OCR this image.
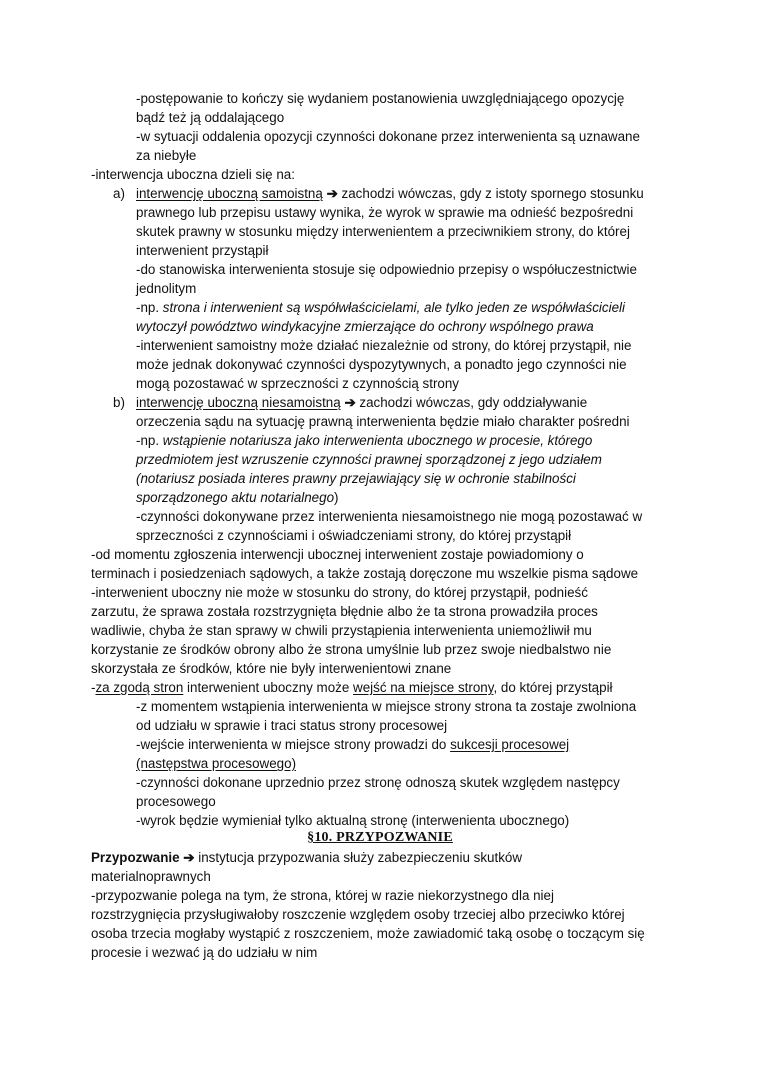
-postępowanie to kończy się wydaniem postanowienia uwzględniającego opozycję
bądź też ją oddalającego
-w sytuacji oddalenia opozycji czynności dokonane przez interwenienta są uznawane
za niebyłe
-interwencja uboczna dzieli się na:
a) interwencję uboczną samoistną ➔ zachodzi wówczas, gdy z istoty spornego stosunku
prawnego lub przepisu ustawy wynika, że wyrok w sprawie ma odnieść bezpośredni
skutek prawny w stosunku między interwenientem a przeciwnikiem strony, do której
interwenient przystąpił
-do stanowiska interwenienta stosuje się odpowiednio przepisy o współuczestnictwie
jednolitym
-np. strona i interwenient są współwłaścicielami, ale tylko jeden ze współwłaścicieli
wytoczył powództwo windykacyjne zmierzające do ochrony wspólnego prawa
-interwenient samoistny może działać niezależnie od strony, do której przystąpił, nie
może jednak dokonywać czynności dyspozytywnych, a ponadto jego czynności nie
mogą pozostawać w sprzeczności z czynnością strony
b) interwencję uboczną niesamoistną ➔ zachodzi wówczas, gdy oddziaływanie
orzeczenia sądu na sytuację prawną interwenienta będzie miało charakter pośredni
-np. wstąpienie notariusza jako interwenienta ubocznego w procesie, którego
przedmiotem jest wzruszenie czynności prawnej sporządzonej z jego udziałem
(notariusz posiada interes prawny przejawiający się w ochronie stabilności
sporządzonego aktu notarialnego)
-czynności dokonywane przez interwenienta niesamoistnego nie mogą pozostawać w
sprzeczności z czynnościami i oświadczeniami strony, do której przystąpił
-od momentu zgłoszenia interwencji ubocznej interwenient zostaje powiadomiony o
terminach i posiedzeniach sądowych, a także zostają doręczone mu wszelkie pisma sądowe
-interwenient uboczny nie może w stosunku do strony, do której przystąpił, podnieść
zarzutu, że sprawa została rozstrzygnięta błędnie albo że ta strona prowadziła proces
wadliwie, chyba że stan sprawy w chwili przystąpienia interwenienta uniemożliwił mu
korzystanie ze środków obrony albo że strona umyślnie lub przez swoje niedbalstwo nie
skorzystała ze środków, które nie były interwenientowi znane
-za zgodą stron interwenient uboczny może wejść na miejsce strony, do której przystąpił
-z momentem wstąpienia interwenienta w miejsce strony strona ta zostaje zwolniona
od udziału w sprawie i traci status strony procesowej
-wejście interwenienta w miejsce strony prowadzi do sukcesji procesowej
(następstwa procesowego)
-czynności dokonane uprzednio przez stronę odnoszą skutek względem następcy
procesowego
-wyrok będzie wymieniał tylko aktualną stronę (interwenienta ubocznego)
§10. PRZYPOZWANIE
Przypozwanie ➔ instytucja przypozwania służy zabezpieczeniu skutków
materialnoprawnych
-przypozwanie polega na tym, że strona, której w razie niekorzystnego dla niej
rozstrzygnięcia przysługiwałoby roszczenie względem osoby trzeciej albo przeciwko której
osoba trzecia mogłaby wystąpić z roszczeniem, może zawiadomić taką osobę o toczącym się
procesie i wezwać ją do udziału w nim
